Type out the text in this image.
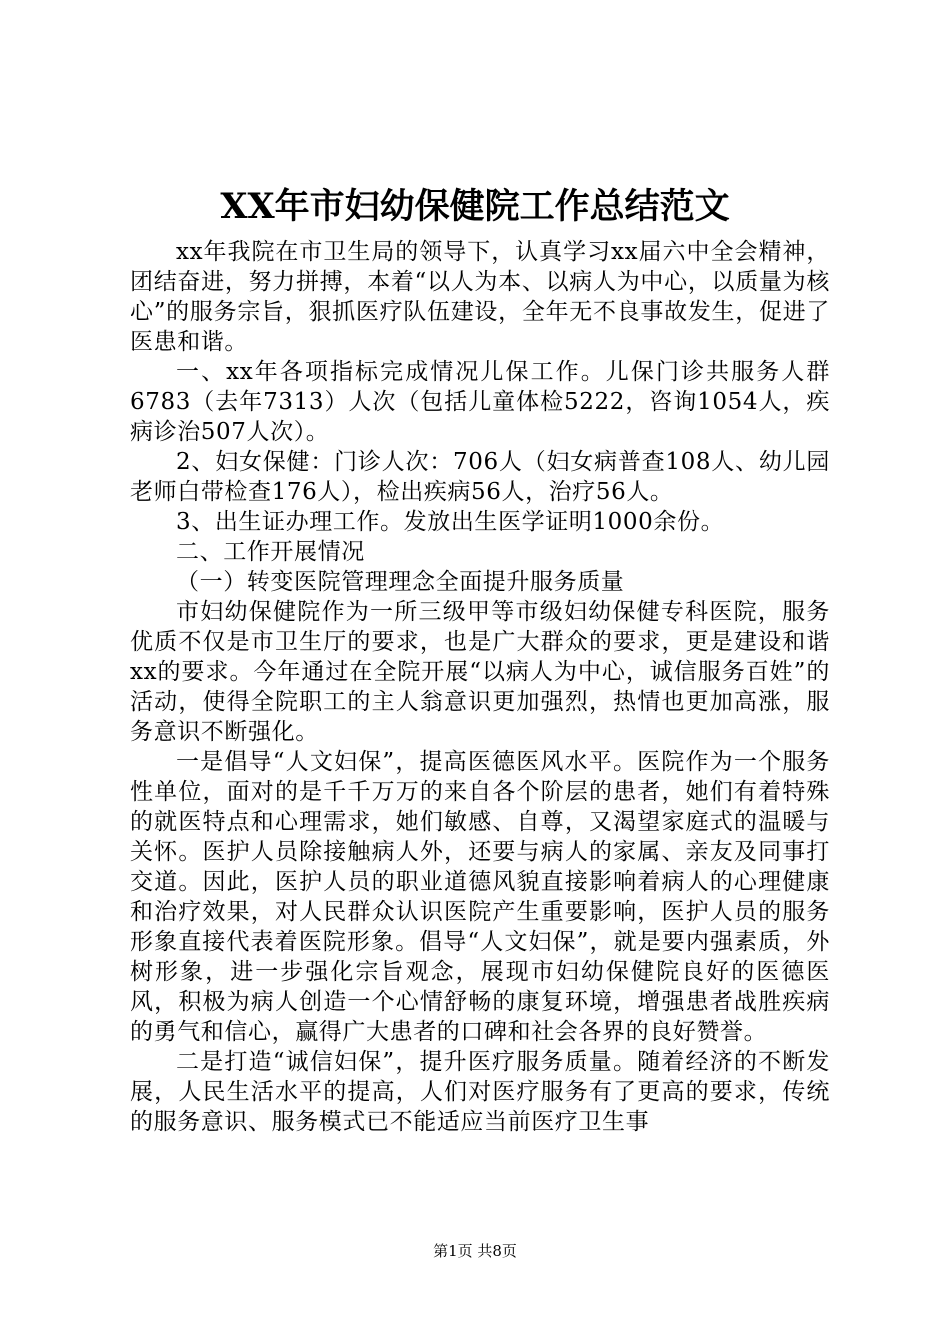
XX年市妇幼保健院工作总结范文

xx年我院在市卫生局的领导下，认真学习xx届六中全会精神，团结奋进，努力拼搏，本着“以人为本、以病人为中心，以质量为核心”的服务宗旨，狠抓医疗队伍建设，全年无不良事故发生，促进了医患和谐。

一、xx年各项指标完成情况儿保工作。儿保门诊共服务人群6783（去年7313）人次（包括儿童体检5222，咨询1054人，疾病诊治507人次）。

2、妇女保健：门诊人次：706人（妇女病普查108人、幼儿园老师白带检查176人），检出疾病56人，治疗56人。

3、出生证办理工作。发放出生医学证明1000余份。

二、工作开展情况

（一）转变医院管理理念全面提升服务质量

市妇幼保健院作为一所三级甲等市级妇幼保健专科医院，服务优质不仅是市卫生厅的要求，也是广大群众的要求，更是建设和谐xx的要求。今年通过在全院开展“以病人为中心，诚信服务百姓”的活动，使得全院职工的主人翁意识更加强烈，热情也更加高涨，服务意识不断强化。

一是倡导“人文妇保”，提高医德医风水平。医院作为一个服务性单位，面对的是千千万万的来自各个阶层的患者，她们有着特殊的就医特点和心理需求，她们敏感、自尊，又渴望家庭式的温暖与关怀。医护人员除接触病人外，还要与病人的家属、亲友及同事打交道。因此，医护人员的职业道德风貌直接影响着病人的心理健康和治疗效果，对人民群众认识医院产生重要影响，医护人员的服务形象直接代表着医院形象。倡导“人文妇保”，就是要内强素质，外树形象，进一步强化宗旨观念，展现市妇幼保健院良好的医德医风，积极为病人创造一个心情舒畅的康复环境，增强患者战胜疾病的勇气和信心，赢得广大患者的口碑和社会各界的良好赞誉。

二是打造“诚信妇保”，提升医疗服务质量。随着经济的不断发展，人民生活水平的提高，人们对医疗服务有了更高的要求，传统的服务意识、服务模式已不能适应当前医疗卫生事

第1页 共8页
